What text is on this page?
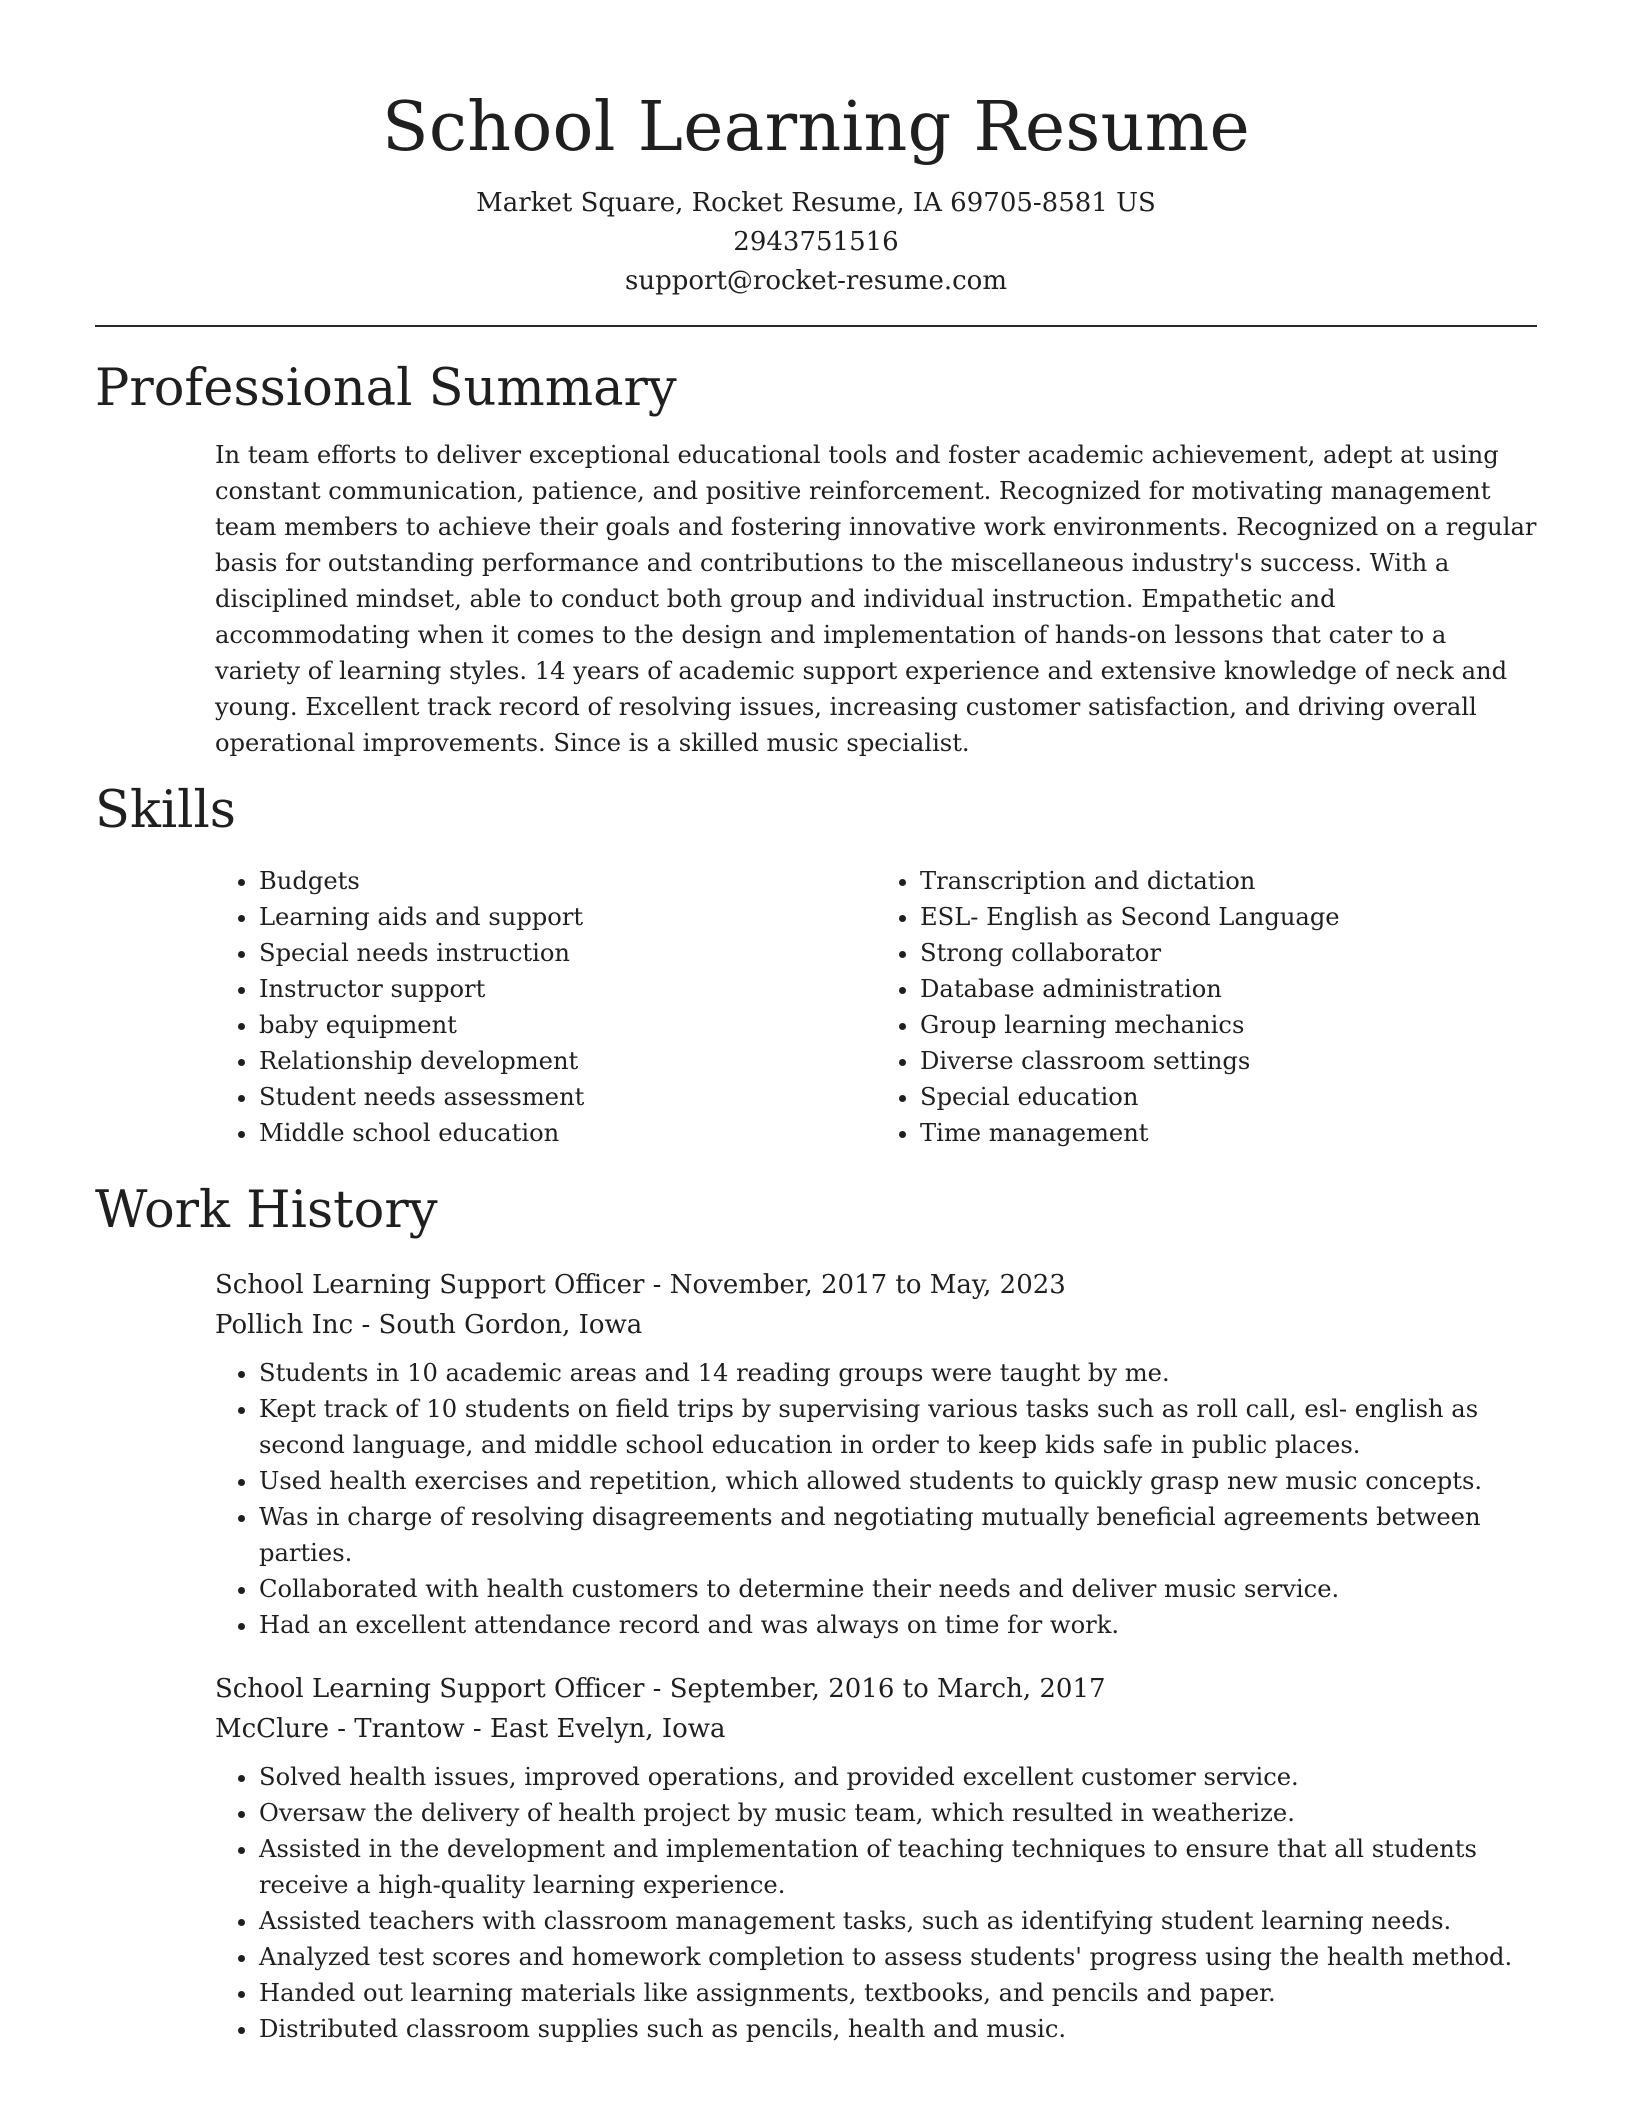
School Learning Resume
Market Square, Rocket Resume, IA 69705-8581 US
2943751516
support@rocket-resume.com
Professional Summary

In team efforts to deliver exceptional educational tools and foster academic achievement, adept at using constant communication, patience, and positive reinforcement. Recognized for motivating management team members to achieve their goals and fostering innovative work environments. Recognized on a regular basis for outstanding performance and contributions to the miscellaneous industry's success. With a disciplined mindset, able to conduct both group and individual instruction. Empathetic and accommodating when it comes to the design and implementation of hands-on lessons that cater to a variety of learning styles. 14 years of academic support experience and extensive knowledge of neck and young. Excellent track record of resolving issues, increasing customer satisfaction, and driving overall operational improvements. Since is a skilled music specialist.

Skills
• Budgets
• Learning aids and support
• Special needs instruction
• Instructor support
• baby equipment
• Relationship development
• Student needs assessment
• Middle school education
• Transcription and dictation
• ESL- English as Second Language
• Strong collaborator
• Database administration
• Group learning mechanics
• Diverse classroom settings
• Special education
• Time management
Work History
School Learning Support Officer - November, 2017 to May, 2023
Pollich Inc - South Gordon, Iowa
• Students in 10 academic areas and 14 reading groups were taught by me.
• Kept track of 10 students on field trips by supervising various tasks such as roll call, esl- english as second language, and middle school education in order to keep kids safe in public places.
• Used health exercises and repetition, which allowed students to quickly grasp new music concepts.
• Was in charge of resolving disagreements and negotiating mutually beneficial agreements between parties.
• Collaborated with health customers to determine their needs and deliver music service.
• Had an excellent attendance record and was always on time for work.
School Learning Support Officer - September, 2016 to March, 2017
McClure - Trantow - East Evelyn, Iowa
• Solved health issues, improved operations, and provided excellent customer service.
• Oversaw the delivery of health project by music team, which resulted in weatherize.
• Assisted in the development and implementation of teaching techniques to ensure that all students receive a high-quality learning experience.
• Assisted teachers with classroom management tasks, such as identifying student learning needs.
• Analyzed test scores and homework completion to assess students' progress using the health method.
• Handed out learning materials like assignments, textbooks, and pencils and paper.
• Distributed classroom supplies such as pencils, health and music.
